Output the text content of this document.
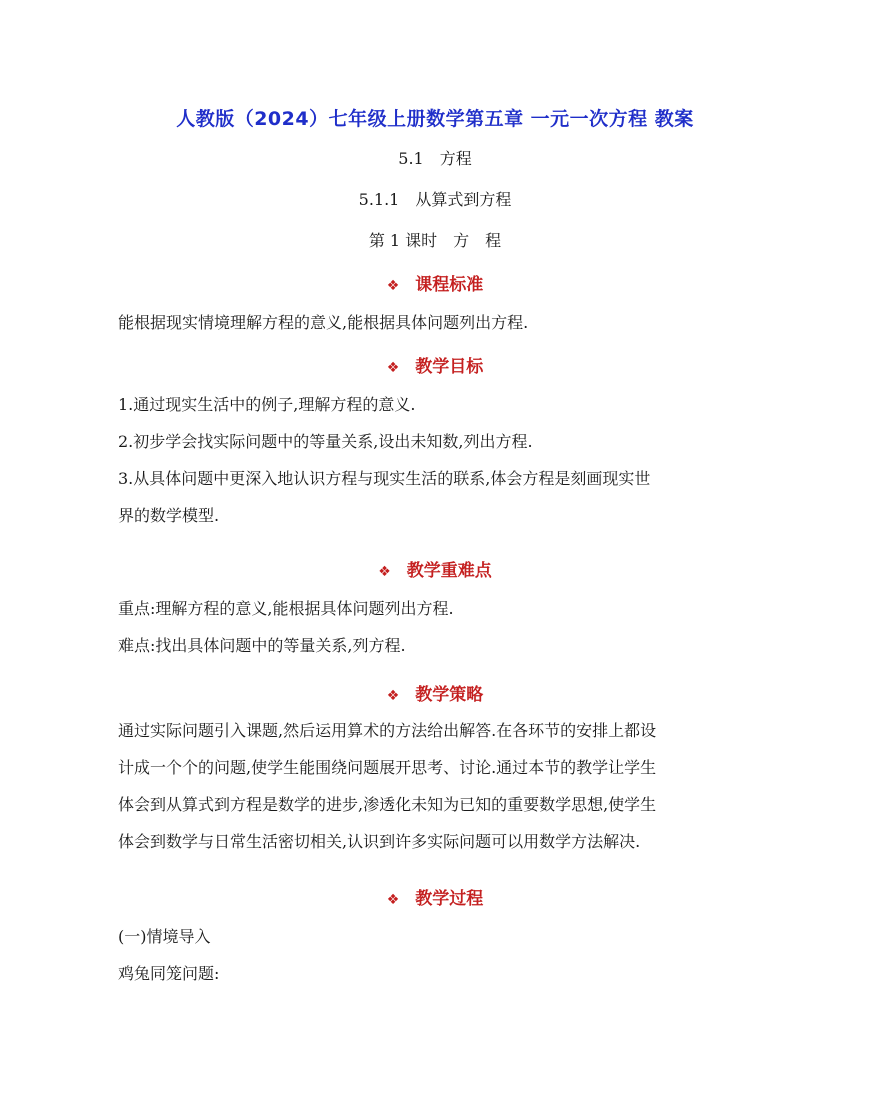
人教版（2024）七年级上册数学第五章 一元一次方程 教案
5.1　方程
5.1.1　从算式到方程
第 1 课时　方　程
❖ 课程标准
能根据现实情境理解方程的意义,能根据具体问题列出方程.
❖ 教学目标
1.通过现实生活中的例子,理解方程的意义.
2.初步学会找实际问题中的等量关系,设出未知数,列出方程.
3.从具体问题中更深入地认识方程与现实生活的联系,体会方程是刻画现实世
界的数学模型.
❖ 教学重难点
重点:理解方程的意义,能根据具体问题列出方程.
难点:找出具体问题中的等量关系,列方程.
❖ 教学策略
通过实际问题引入课题,然后运用算术的方法给出解答.在各环节的安排上都设
计成一个个的问题,使学生能围绕问题展开思考、讨论.通过本节的教学让学生
体会到从算式到方程是数学的进步,渗透化未知为已知的重要数学思想,使学生
体会到数学与日常生活密切相关,认识到许多实际问题可以用数学方法解决.
❖ 教学过程
(一)情境导入
鸡兔同笼问题:
